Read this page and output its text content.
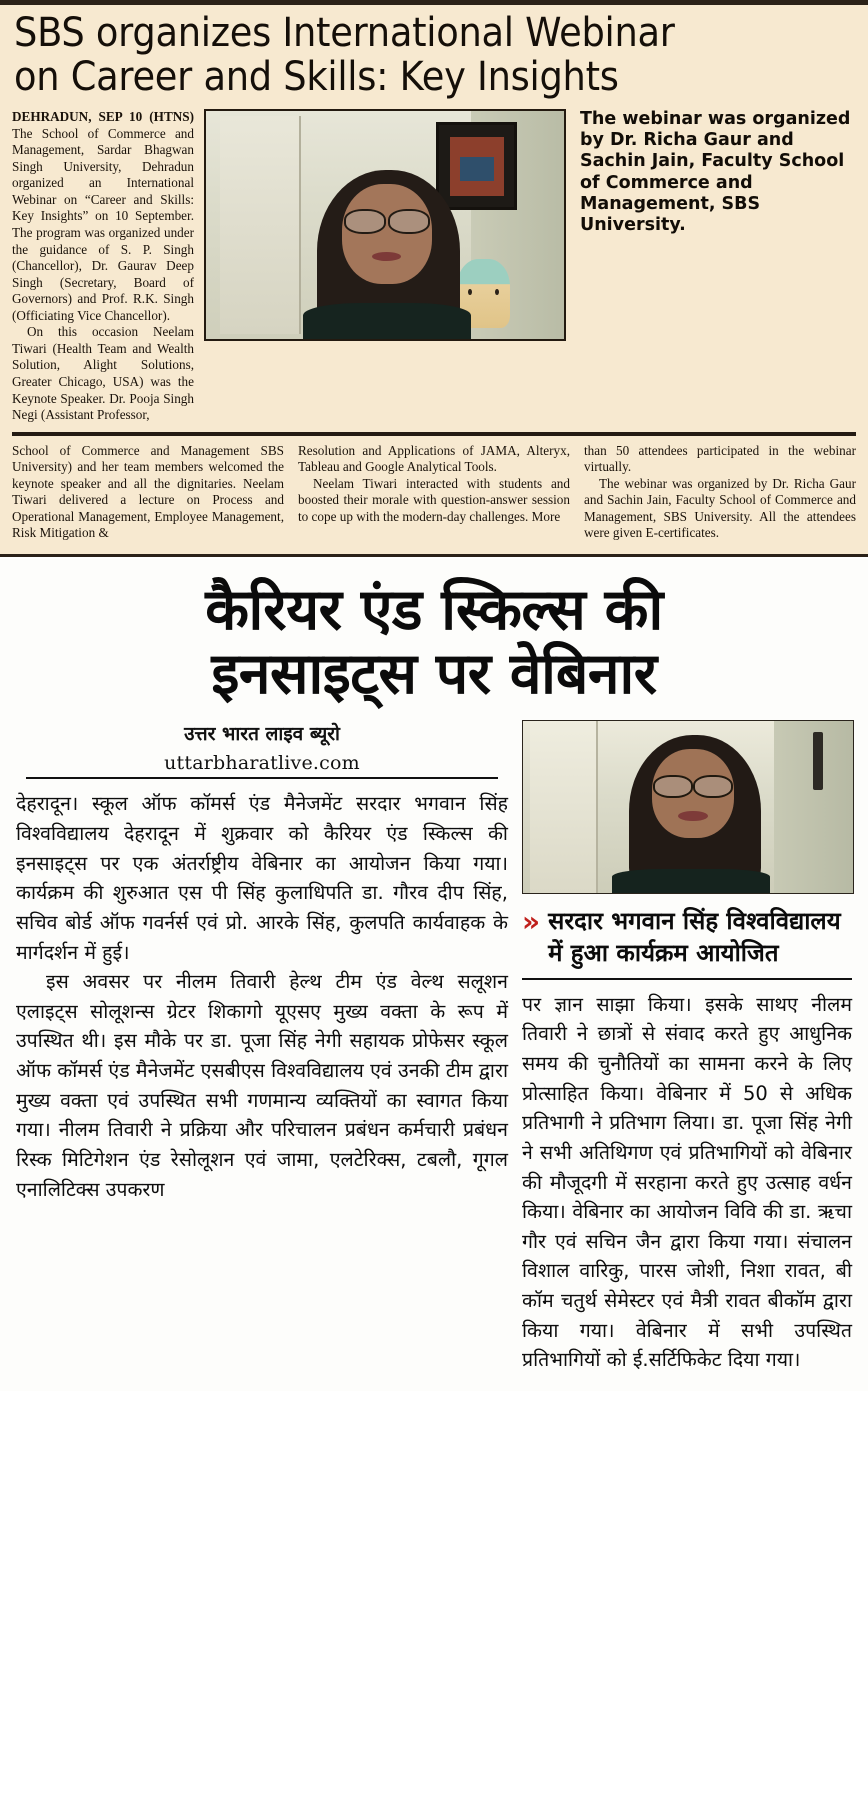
SBS organizes International Webinar
on Career and Skills: Key Insights

DEHRADUN, SEP 10 (HTNS) The School of Commerce and Management, Sardar Bhagwan Singh University, Dehradun organized an International Webinar on “Career and Skills: Key Insights” on 10 September. The program was organized under the guidance of S. P. Singh (Chancellor), Dr. Gaurav Deep Singh (Secretary, Board of Governors) and Prof. R.K. Singh (Officiating Vice Chancellor).

On this occasion Neelam Tiwari (Health Team and Wealth Solution, Alight Solutions, Greater Chicago, USA) was the Keynote Speaker. Dr. Pooja Singh Negi (Assistant Professor,

The webinar was organized by Dr. Richa Gaur and Sachin Jain, Faculty School of Commerce and Management, SBS University.

School of Commerce and Management SBS University) and her team members welcomed the keynote speaker and all the dignitaries. Neelam Tiwari delivered a lecture on Process and Operational Management, Employee Management, Risk Mitigation &

Resolution and Applications of JAMA, Alteryx, Tableau and Google Analytical Tools.

Neelam Tiwari interacted with students and boosted their morale with question-answer session to cope up with the modern-day challenges. More

than 50 attendees participated in the webinar virtually.

The webinar was organized by Dr. Richa Gaur and Sachin Jain, Faculty School of Commerce and Management, SBS University. All the attendees were given E-certificates.

कैरियर एंड स्किल्स की
इनसाइट्स पर वेबिनार
उत्तर भारत लाइव ब्यूरो
uttarbharatlive.com

देहरादून। स्कूल ऑफ कॉमर्स एंड मैनेजमेंट सरदार भगवान सिंह विश्वविद्यालय देहरादून में शुक्रवार को कैरियर एंड स्किल्स की इनसाइट्स पर एक अंतर्राष्ट्रीय वेबिनार का आयोजन किया गया। कार्यक्रम की शुरुआत एस पी सिंह कुलाधिपति डा. गौरव दीप सिंह, सचिव बोर्ड ऑफ गवर्नर्स एवं प्रो. आरके सिंह, कुलपति कार्यवाहक के मार्गदर्शन में हुई।

इस अवसर पर नीलम तिवारी हेल्थ टीम एंड वेल्थ सलूशन एलाइट्स सोलूशन्स ग्रेटर शिकागो यूएसए मुख्य वक्ता के रूप में उपस्थित थी। इस मौके पर डा. पूजा सिंह नेगी सहायक प्रोफेसर स्कूल ऑफ कॉमर्स एंड मैनेजमेंट एसबीएस विश्वविद्यालय एवं उनकी टीम द्वारा मुख्य वक्ता एवं उपस्थित सभी गणमान्य व्यक्तियों का स्वागत किया गया। नीलम तिवारी ने प्रक्रिया और परिचालन प्रबंधन कर्मचारी प्रबंधन रिस्क मिटिगेशन एंड रेसोलूशन एवं जामा, एलटेरिक्स, टबलौ, गूगल एनालिटिक्स उपकरण

» सरदार भगवान सिंह विश्वविद्यालय में हुआ कार्यक्रम आयोजित

पर ज्ञान साझा किया। इसके साथए नीलम तिवारी ने छात्रों से संवाद करते हुए आधुनिक समय की चुनौतियों का सामना करने के लिए प्रोत्साहित किया। वेबिनार में 50 से अधिक प्रतिभागी ने प्रतिभाग लिया। डा. पूजा सिंह नेगी ने सभी अतिथिगण एवं प्रतिभागियों को वेबिनार की मौजूदगी में सरहाना करते हुए उत्साह वर्धन किया। वेबिनार का आयोजन विवि की डा. ऋचा गौर एवं सचिन जैन द्वारा किया गया। संचालन विशाल वारिकु, पारस जोशी, निशा रावत, बी कॉम चतुर्थ सेमेस्टर एवं मैत्री रावत बीकॉम द्वारा किया गया। वेबिनार में सभी उपस्थित प्रतिभागियों को ई.सर्टिफिकेट दिया गया।
